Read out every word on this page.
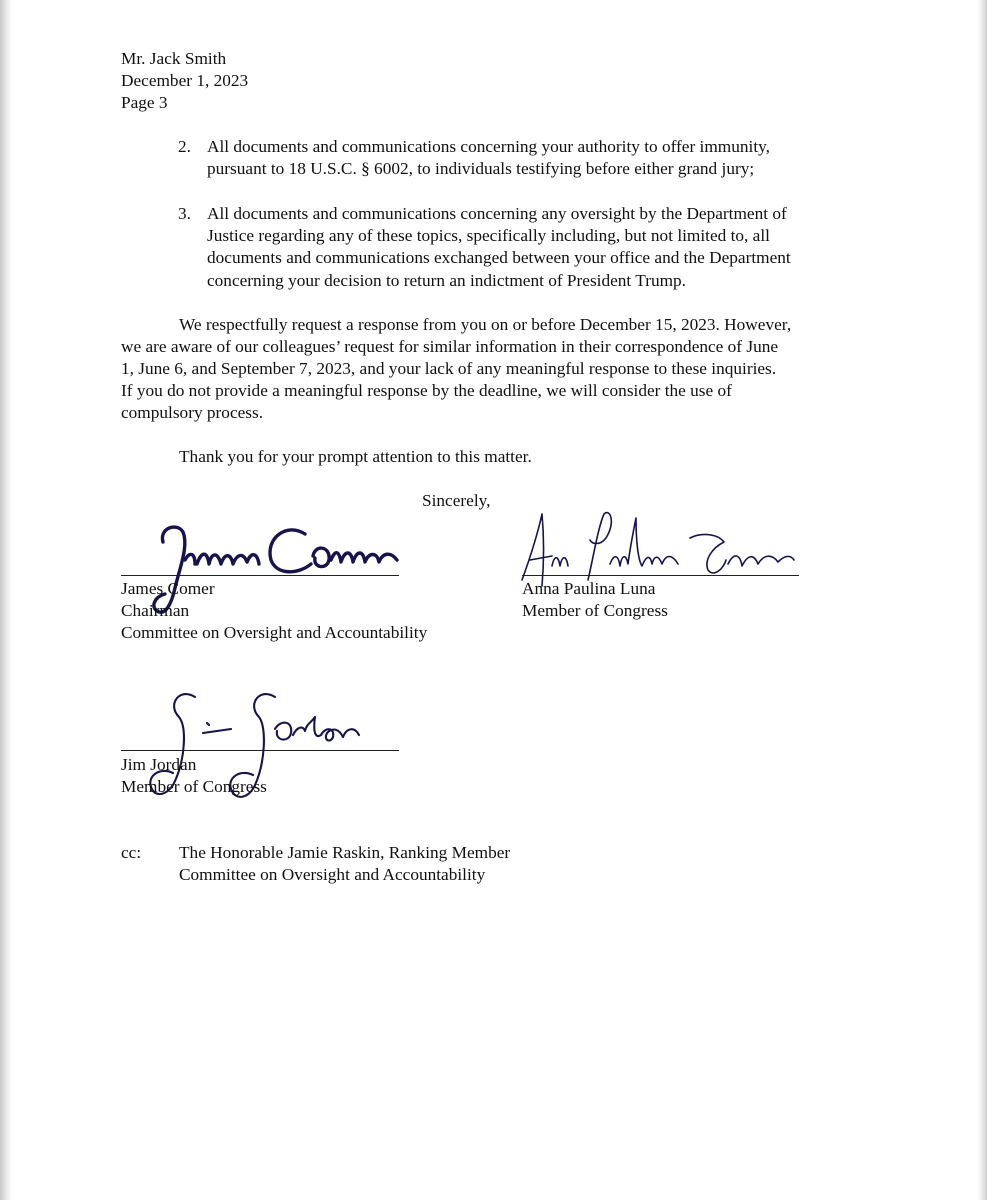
Mr. Jack Smith
December 1, 2023
Page 3
2. All documents and communications concerning your authority to offer immunity,
pursuant to 18 U.S.C. § 6002, to individuals testifying before either grand jury;
3. All documents and communications concerning any oversight by the Department of
Justice regarding any of these topics, specifically including, but not limited to, all
documents and communications exchanged between your office and the Department
concerning your decision to return an indictment of President Trump.
We respectfully request a response from you on or before December 15, 2023. However,
we are aware of our colleagues’ request for similar information in their correspondence of June
1, June 6, and September 7, 2023, and your lack of any meaningful response to these inquiries.
If you do not provide a meaningful response by the deadline, we will consider the use of
compulsory process.
Thank you for your prompt attention to this matter.
Sincerely,
James Comer
Chairman
Committee on Oversight and Accountability
Anna Paulina Luna
Member of Congress
Jim Jordan
Member of Congress
cc: The Honorable Jamie Raskin, Ranking Member
Committee on Oversight and Accountability
